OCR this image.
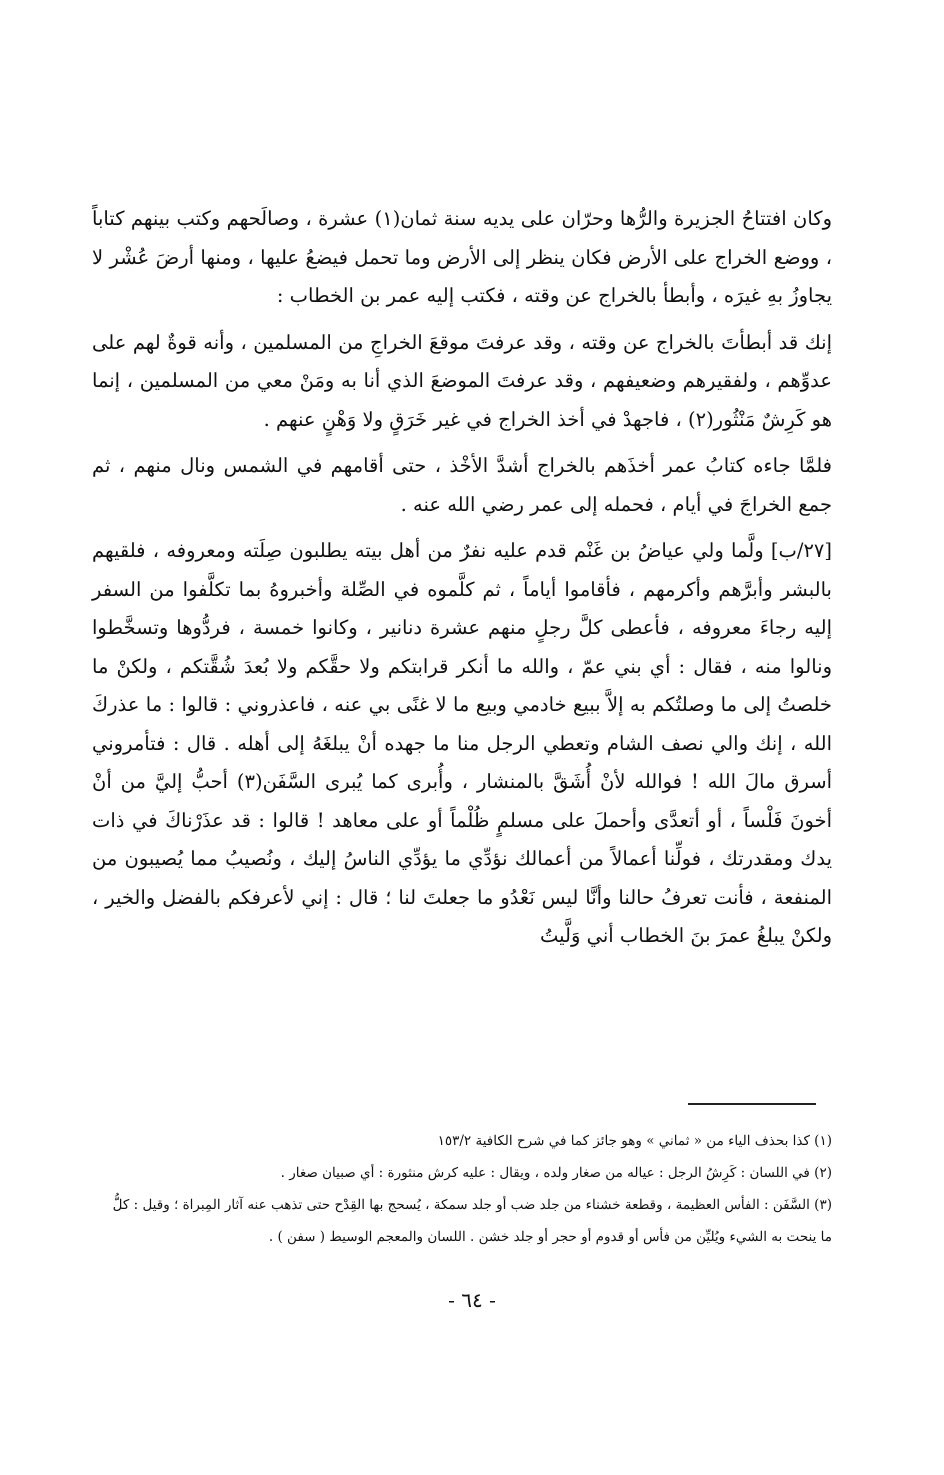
وكان افتتاحُ الجزيرة والرُّها وحرّان على يديه سنة ثمان(١) عشرة ، وصالَحهم وكتب بينهم كتاباً ، ووضع الخراج على الأرض فكان ينظر إلى الأرض وما تحمل فيضعُ عليها ، ومنها أرضَ عُشْر لا يجاوزُ بهِ غيرَه ، وأبطأ بالخراج عن وقته ، فكتب إليه عمر بن الخطاب :

إنك قد أبطأتَ بالخراج عن وقته ، وقد عرفتَ موقعَ الخراجِ من المسلمين ، وأنه قوةٌ لهم على عدوِّهم ، ولفقيرهم وضعيفهم ، وقد عرفتَ الموضعَ الذي أنا به ومَنْ معي من المسلمين ، إنما هو كَرِشٌ مَنْثُور(٢) ، فاجهدْ في أخذ الخراج في غير خَرَقٍ ولا وَهْنٍ عنهم .

فلمَّا جاءه كتابُ عمر أخذَهم بالخراج أشدَّ الأخْذ ، حتى أقامهم في الشمس ونال منهم ، ثم جمع الخراجَ في أيام ، فحمله إلى عمر رضي الله عنه .

[٢٧/ب] ولَّما ولي عياضُ بن غَنْم قدم عليه نفرٌ من أهل بيته يطلبون صِلَته ومعروفه ، فلقيهم بالبشر وأبرَّهم وأكرمهم ، فأقاموا أياماً ، ثم كلَّموه في الصِّلة وأخبروهُ بما تكلَّفوا من السفر إليه رجاءَ معروفه ، فأعطى كلَّ رجلٍ منهم عشرة دنانير ، وكانوا خمسة ، فردُّوها وتسخَّطوا ونالوا منه ، فقال : أي بني عمّ ، والله ما أنكر قرابتكم ولا حقَّكم ولا بُعدَ شُقَّتكم ، ولكنْ ما خلصتُ إلى ما وصلتُكم به إلاَّ ببيع خادمي وبيع ما لا غنًى بي عنه ، فاعذروني : قالوا : ما عذركَ الله ، إنك والي نصف الشام وتعطي الرجل منا ما جهده أنْ يبلغَهُ إلى أهله . قال : فتأمروني أسرق مالَ الله ! فوالله لأنْ أُشَقَّ بالمنشار ، وأُبرى كما يُبرى السَّفَن(٣) أحبُّ إليَّ من أنْ أخونَ فَلْساً ، أو أتعدَّى وأحملَ على مسلمٍ ظُلْماً أو على معاهد ! قالوا : قد عذَرْناكَ في ذات يدك ومقدرتك ، فولِّنا أعمالاً من أعمالك نؤدِّي ما يؤدِّي الناسُ إليك ، ونُصيبُ مما يُصيبون من المنفعة ، فأنت تعرفُ حالنا وأنَّا ليس نَعْدُو ما جعلتَ لنا ؛ قال : إني لأعرفكم بالفضل والخير ، ولكنْ يبلغُ عمرَ بنَ الخطاب أني وَلَّيتُ

(١) كذا بحذف الياء من « ثماني » وهو جائز كما في شرح الكافية ١٥٣/٢

(٢) في اللسان : كَرِشُ الرجل : عياله من صغار ولده ، ويقال : عليه كرش منثورة : أي صبيان صغار .

(٣) السَّفَن : الفأس العظيمة ، وقطعة خشناء من جلد ضب أو جلد سمكة ، يُسحج بها القِدْح حتى تذهب عنه آثار المِبراة ؛ وقيل : كلُّ ما ينحت به الشيء ويُليِّن من فأس أو قدوم أو حجر أو جلد خشن . اللسان والمعجم الوسيط ( سفن ) .

- ٦٤ -
